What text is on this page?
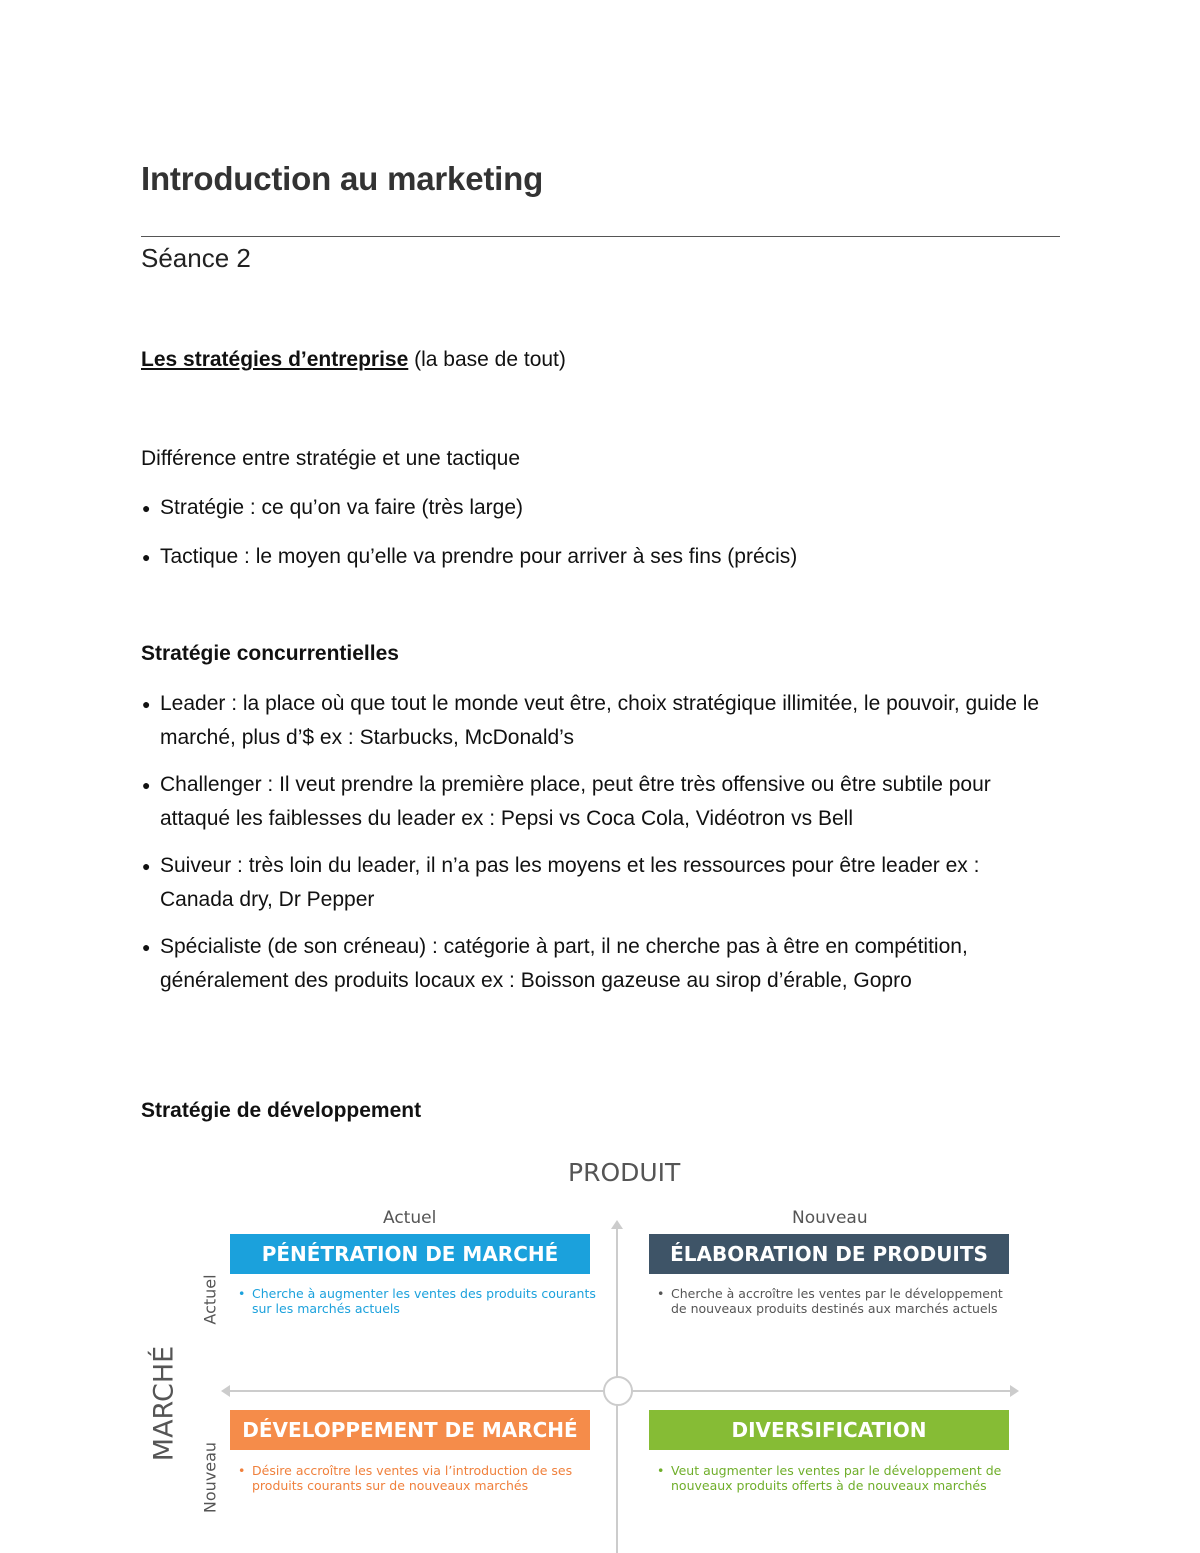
Introduction au marketing
Séance 2

Les stratégies d’entreprise (la base de tout)

Différence entre stratégie et une tactique

● Stratégie : ce qu’on va faire (très large)
● Tactique : le moyen qu’elle va prendre pour arriver à ses fins (précis)

Stratégie concurrentielles

● Leader : la place où que tout le monde veut être, choix stratégique illimitée, le pouvoir, guide le marché, plus d’$ ex : Starbucks, McDonald’s
● Challenger : Il veut prendre la première place, peut être très offensive ou être subtile pour attaqué les faiblesses du leader ex : Pepsi vs Coca Cola, Vidéotron vs Bell
● Suiveur : très loin du leader, il n’a pas les moyens et les ressources pour être leader ex : Canada dry, Dr Pepper
● Spécialiste (de son créneau) : catégorie à part, il ne cherche pas à être en compétition, généralement des produits locaux ex : Boisson gazeuse au sirop d’érable, Gopro

Stratégie de développement

PRODUIT
Actuel	Nouveau
MARCHÉ
Actuel
Nouveau
PÉNÉTRATION DE MARCHÉ
• Cherche à augmenter les ventes des produits courants sur les marchés actuels
ÉLABORATION DE PRODUITS
• Cherche à accroître les ventes par le développement de nouveaux produits destinés aux marchés actuels
DÉVELOPPEMENT DE MARCHÉ
• Désire accroître les ventes via l’introduction de ses produits courants sur de nouveaux marchés
DIVERSIFICATION
• Veut augmenter les ventes par le développement de nouveaux produits offerts à de nouveaux marchés
